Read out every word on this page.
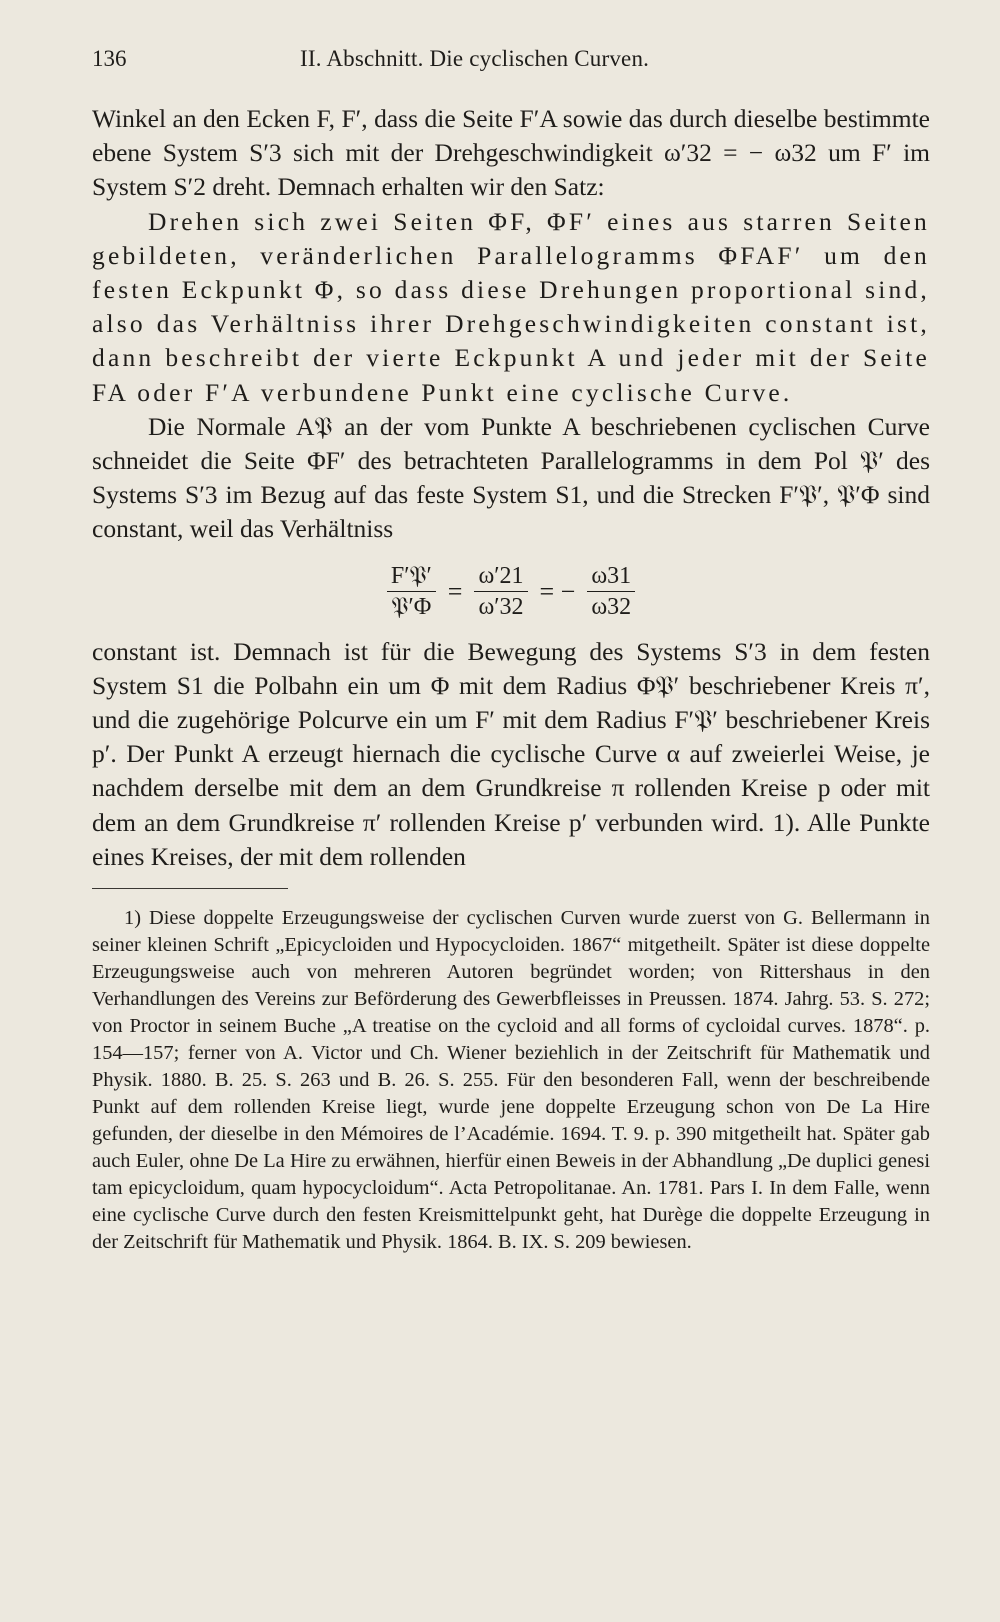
136	II. Abschnitt. Die cyclischen Curven.

Winkel an den Ecken F, F′, dass die Seite F′A sowie das durch dieselbe bestimmte ebene System S′3 sich mit der Drehgeschwindigkeit ω′32 = − ω32 um F′ im System S′2 dreht. Demnach erhalten wir den Satz:

Drehen sich zwei Seiten ΦF, ΦF′ eines aus starren Seiten gebildeten, veränderlichen Parallelogramms ΦFAF′ um den festen Eckpunkt Φ, so dass diese Drehungen proportional sind, also das Verhältniss ihrer Drehgeschwindigkeiten constant ist, dann beschreibt der vierte Eckpunkt A und jeder mit der Seite FA oder F′A verbundene Punkt eine cyclische Curve.

Die Normale A𝔓 an der vom Punkte A beschriebenen cyclischen Curve schneidet die Seite ΦF′ des betrachteten Parallelogramms in dem Pol 𝔓′ des Systems S′3 im Bezug auf das feste System S1, und die Strecken F′𝔓′, 𝔓′Φ sind constant, weil das Verhältniss

$\frac{\text{F′𝔓′}}{\text{𝔓′Φ}} = \frac{\omega'21}{\omega'32}$ = − $\frac{\omega 31}{\omega 32}$

constant ist. Demnach ist für die Bewegung des Systems S′3 in dem festen System S1 die Polbahn ein um Φ mit dem Radius Φ𝔓′ beschriebener Kreis π′, und die zugehörige Polcurve ein um F′ mit dem Radius F′𝔓′ beschriebener Kreis p′. Der Punkt A erzeugt hiernach die cyclische Curve α auf zweierlei Weise, je nachdem derselbe mit dem an dem Grundkreise π rollenden Kreise p oder mit dem an dem Grundkreise π′ rollenden Kreise p′ verbunden wird. 1). Alle Punkte eines Kreises, der mit dem rollenden

1) Diese doppelte Erzeugungsweise der cyclischen Curven wurde zuerst von G. Bellermann in seiner kleinen Schrift „Epicycloiden und Hypocycloiden. 1867“ mitgetheilt. Später ist diese doppelte Erzeugungsweise auch von mehreren Autoren begründet worden; von Rittershaus in den Verhandlungen des Vereins zur Beförderung des Gewerbfleisses in Preussen. 1874. Jahrg. 53. S. 272; von Proctor in seinem Buche „A treatise on the cycloid and all forms of cycloidal curves. 1878“. p. 154—157; ferner von A. Victor und Ch. Wiener beziehlich in der Zeitschrift für Mathematik und Physik. 1880. B. 25. S. 263 und B. 26. S. 255. Für den besonderen Fall, wenn der beschreibende Punkt auf dem rollenden Kreise liegt, wurde jene doppelte Erzeugung schon von De La Hire gefunden, der dieselbe in den Mémoires de l’Académie. 1694. T. 9. p. 390 mitgetheilt hat. Später gab auch Euler, ohne De La Hire zu erwähnen, hierfür einen Beweis in der Abhandlung „De duplici genesi tam epicycloidum, quam hypocycloidum“. Acta Petropolitanae. An. 1781. Pars I. In dem Falle, wenn eine cyclische Curve durch den festen Kreismittelpunkt geht, hat Durège die doppelte Erzeugung in der Zeitschrift für Mathematik und Physik. 1864. B. IX. S. 209 bewiesen.
